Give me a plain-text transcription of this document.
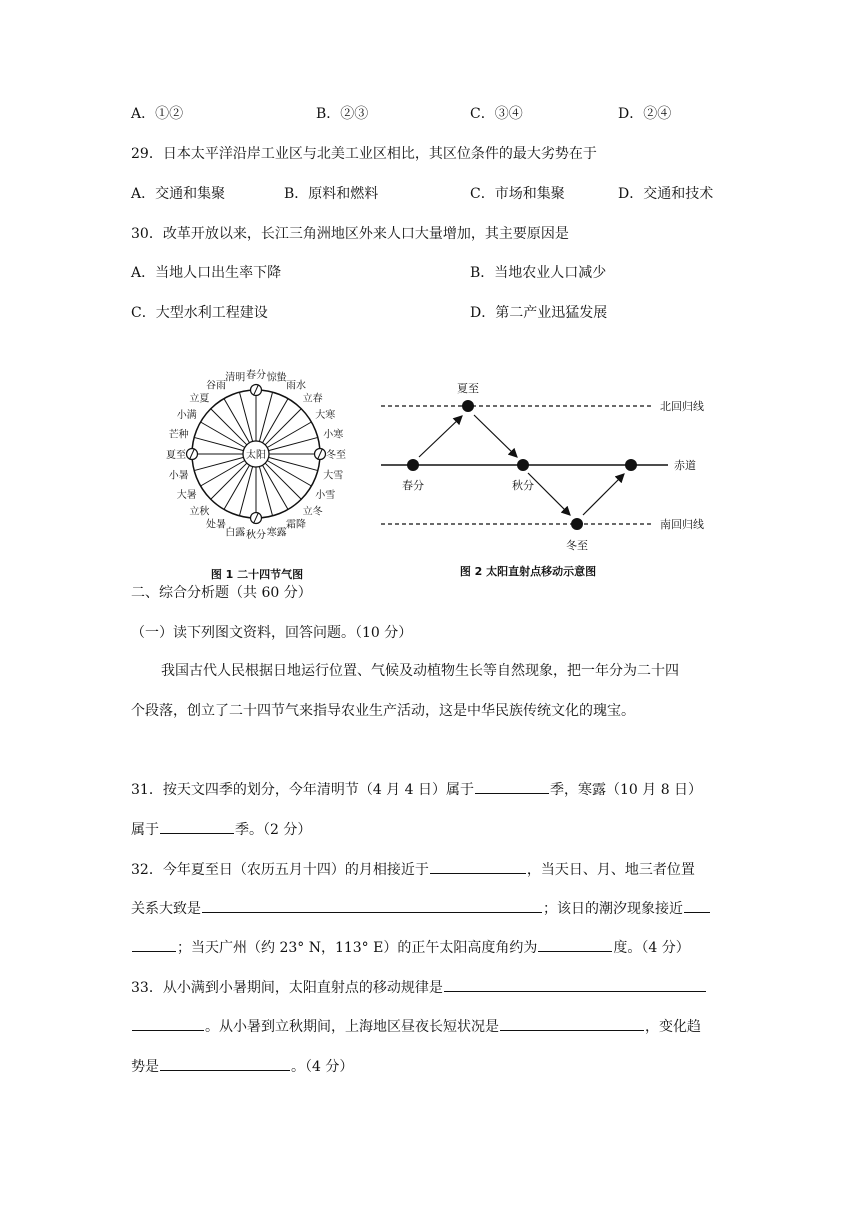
A．①②	B．②③	C．③④	D．②④
29．日本太平洋沿岸工业区与北美工业区相比，其区位条件的最大劣势在于
A．交通和集聚	B．原料和燃料	C．市场和集聚	D．交通和技术
30．改革开放以来，长江三角洲地区外来人口大量增加，其主要原因是
A．当地人口出生率下降	B．当地农业人口减少
C．大型水利工程建设	D．第二产业迅猛发展
太阳
春分 惊蛰
雨水
立春
大寒
小寒
冬至
大雪
小雪
立冬
霜降
寒露
秋分
白露
处暑
立秋
大暑
小暑
夏至
芒种
小满
立夏
谷雨
清明
图 1 二十四节气图
北回归线
赤道
南回归线
夏至
春分	秋分
冬至
图 2 太阳直射点移动示意图
二、综合分析题（共 60 分）
（一）读下列图文资料，回答问题。（10 分）
我国古代人民根据日地运行位置、气候及动植物生长等自然现象，把一年分为二十四
个段落，创立了二十四节气来指导农业生产活动，这是中华民族传统文化的瑰宝。
31．按天文四季的划分，今年清明节（4 月 4 日）属于	季，寒露（10 月 8 日）
属于	季。（2 分）
32．今年夏至日（农历五月十四）的月相接近于	，当天日、月、地三者位置
关系大致是	；该日的潮汐现象接近
；当天广州（约 23° N，113° E）的正午太阳高度角约为	度。（4 分）
33．从小满到小暑期间，太阳直射点的移动规律是
。从小暑到立秋期间，上海地区昼夜长短状况是	，变化趋
势是	。（4 分）
